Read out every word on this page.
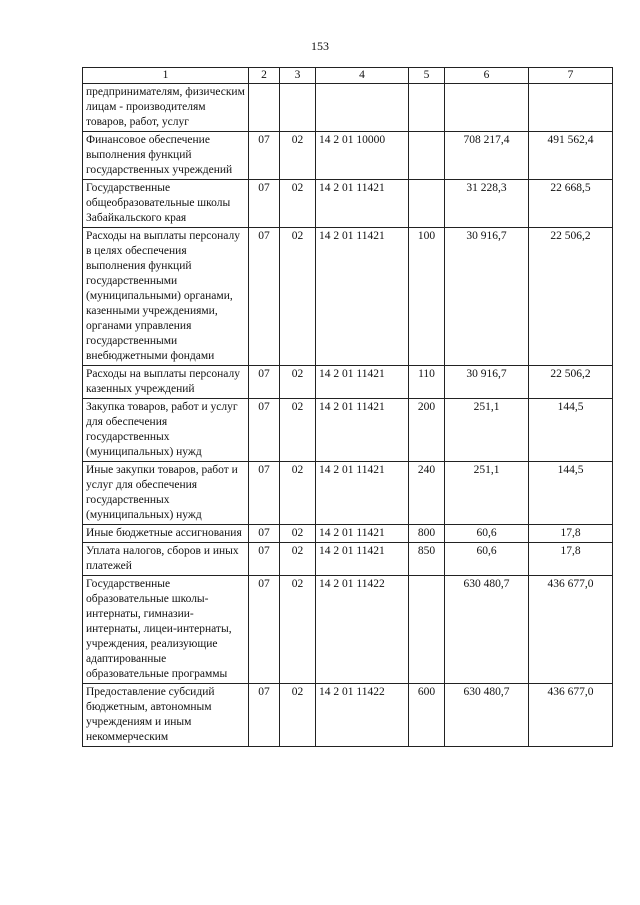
153
1	2	3	4	5	6	7
предпринимателям, физическим лицам - производителям товаров, работ, услуг						
Финансовое обеспечение выполнения функций государственных учреждений	07	02	14 2 01 10000		708 217,4	491 562,4
Государственные общеобразовательные школы Забайкальского края	07	02	14 2 01 11421		31 228,3	22 668,5
Расходы на выплаты персоналу в целях обеспечения выполнения функций государственными (муниципальными) органами, казенными учреждениями, органами управления государственными внебюджетными фондами	07	02	14 2 01 11421	100	30 916,7	22 506,2
Расходы на выплаты персоналу казенных учреждений	07	02	14 2 01 11421	110	30 916,7	22 506,2
Закупка товаров, работ и услуг для обеспечения государственных (муниципальных) нужд	07	02	14 2 01 11421	200	251,1	144,5
Иные закупки товаров, работ и услуг для обеспечения государственных (муниципальных) нужд	07	02	14 2 01 11421	240	251,1	144,5
Иные бюджетные ассигнования	07	02	14 2 01 11421	800	60,6	17,8
Уплата налогов, сборов и иных платежей	07	02	14 2 01 11421	850	60,6	17,8
Государственные образовательные школы-интернаты, гимназии-интернаты, лицеи-интернаты, учреждения, реализующие адаптированные образовательные программы	07	02	14 2 01 11422		630 480,7	436 677,0
Предоставление субсидий бюджетным, автономным учреждениям и иным некоммерческим	07	02	14 2 01 11422	600	630 480,7	436 677,0
